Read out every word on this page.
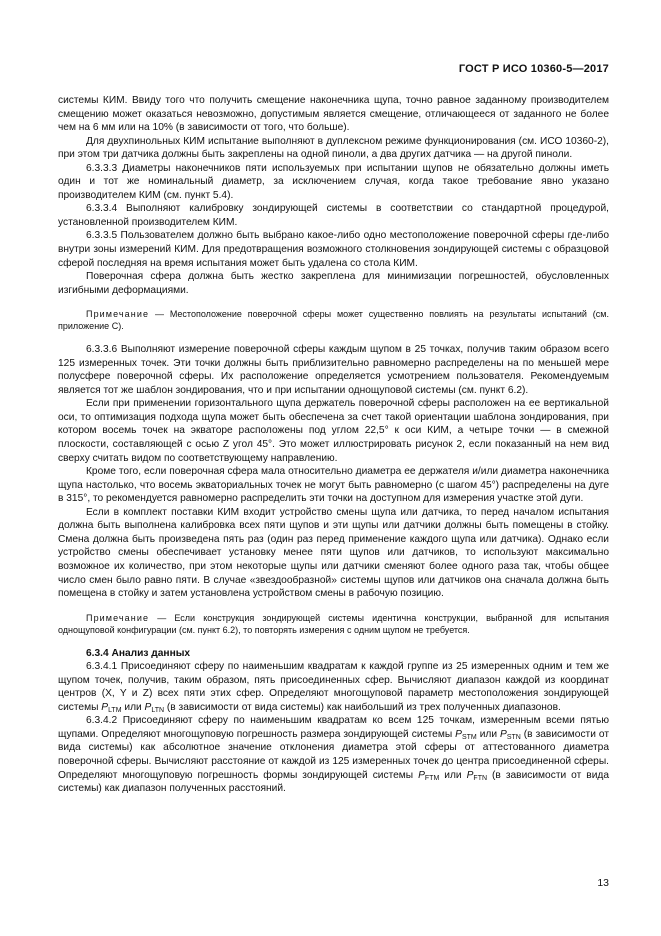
ГОСТ Р ИСО 10360-5—2017

системы КИМ. Ввиду того что получить смещение наконечника щупа, точно равное заданному производителем смещению может оказаться невозможно, допустимым является смещение, отличающееся от заданного не более чем на 6 мм или на 10% (в зависимости от того, что больше).

Для двухпинольных КИМ испытание выполняют в дуплексном режиме функционирования (см. ИСО 10360-2), при этом три датчика должны быть закреплены на одной пиноли, а два других датчика — на другой пиноли.

6.3.3.3 Диаметры наконечников пяти используемых при испытании щупов не обязательно должны иметь один и тот же номинальный диаметр, за исключением случая, когда такое требование явно указано производителем КИМ (см. пункт 5.4).

6.3.3.4 Выполняют калибровку зондирующей системы в соответствии со стандартной процедурой, установленной производителем КИМ.

6.3.3.5 Пользователем должно быть выбрано какое-либо одно местоположение поверочной сферы где-либо внутри зоны измерений КИМ. Для предотвращения возможного столкновения зондирующей системы с образцовой сферой последняя на время испытания может быть удалена со стола КИМ.

Поверочная сфера должна быть жестко закреплена для минимизации погрешностей, обусловленных изгибными деформациями.

Примечание — Местоположение поверочной сферы может существенно повлиять на результаты испытаний (см. приложение С).

6.3.3.6 Выполняют измерение поверочной сферы каждым щупом в 25 точках, получив таким образом всего 125 измеренных точек. Эти точки должны быть приблизительно равномерно распределены на по меньшей мере полусфере поверочной сферы. Их расположение определяется усмотрением пользователя. Рекомендуемым является тот же шаблон зондирования, что и при испытании однощуповой системы (см. пункт 6.2).

Если при применении горизонтального щупа держатель поверочной сферы расположен на ее вертикальной оси, то оптимизация подхода щупа может быть обеспечена за счет такой ориентации шаблона зондирования, при котором восемь точек на экваторе расположены под углом 22,5° к оси КИМ, а четыре точки — в смежной плоскости, составляющей с осью Z угол 45°. Это может иллюстрировать рисунок 2, если показанный на нем вид сверху считать видом по соответствующему направлению.

Кроме того, если поверочная сфера мала относительно диаметра ее держателя и/или диаметра наконечника щупа настолько, что восемь экваториальных точек не могут быть равномерно (с шагом 45°) распределены на дуге в 315°, то рекомендуется равномерно распределить эти точки на доступном для измерения участке этой дуги.

Если в комплект поставки КИМ входит устройство смены щупа или датчика, то перед началом испытания должна быть выполнена калибровка всех пяти щупов и эти щупы или датчики должны быть помещены в стойку. Смена должна быть произведена пять раз (один раз перед применение каждого щупа или датчика). Однако если устройство смены обеспечивает установку менее пяти щупов или датчиков, то используют максимально возможное их количество, при этом некоторые щупы или датчики сменяют более одного раза так, чтобы общее число смен было равно пяти. В случае «звездообразной» системы щупов или датчиков она сначала должна быть помещена в стойку и затем установлена устройством смены в рабочую позицию.

Примечание — Если конструкция зондирующей системы идентична конструкции, выбранной для испытания однощуповой конфигурации (см. пункт 6.2), то повторять измерения с одним щупом не требуется.

6.3.4 Анализ данных

6.3.4.1 Присоединяют сферу по наименьшим квадратам к каждой группе из 25 измеренных одним и тем же щупом точек, получив, таким образом, пять присоединенных сфер. Вычисляют диапазон каждой из координат центров (X, Y и Z) всех пяти этих сфер. Определяют многощуповой параметр местоположения зондирующей системы $P_{LTM}$ или $P_{LTN}$ (в зависимости от вида системы) как наибольший из трех полученных диапазонов.

6.3.4.2 Присоединяют сферу по наименьшим квадратам ко всем 125 точкам, измеренным всеми пятью щупами. Определяют многощуповую погрешность размера зондирующей системы $P_{STM}$ или $P_{STN}$ (в зависимости от вида системы) как абсолютное значение отклонения диаметра этой сферы от аттестованного диаметра поверочной сферы. Вычисляют расстояние от каждой из 125 измеренных точек до центра присоединенной сферы. Определяют многощуповую погрешность формы зондирующей системы $P_{FTM}$ или $P_{FTN}$ (в зависимости от вида системы) как диапазон полученных расстояний.

13
